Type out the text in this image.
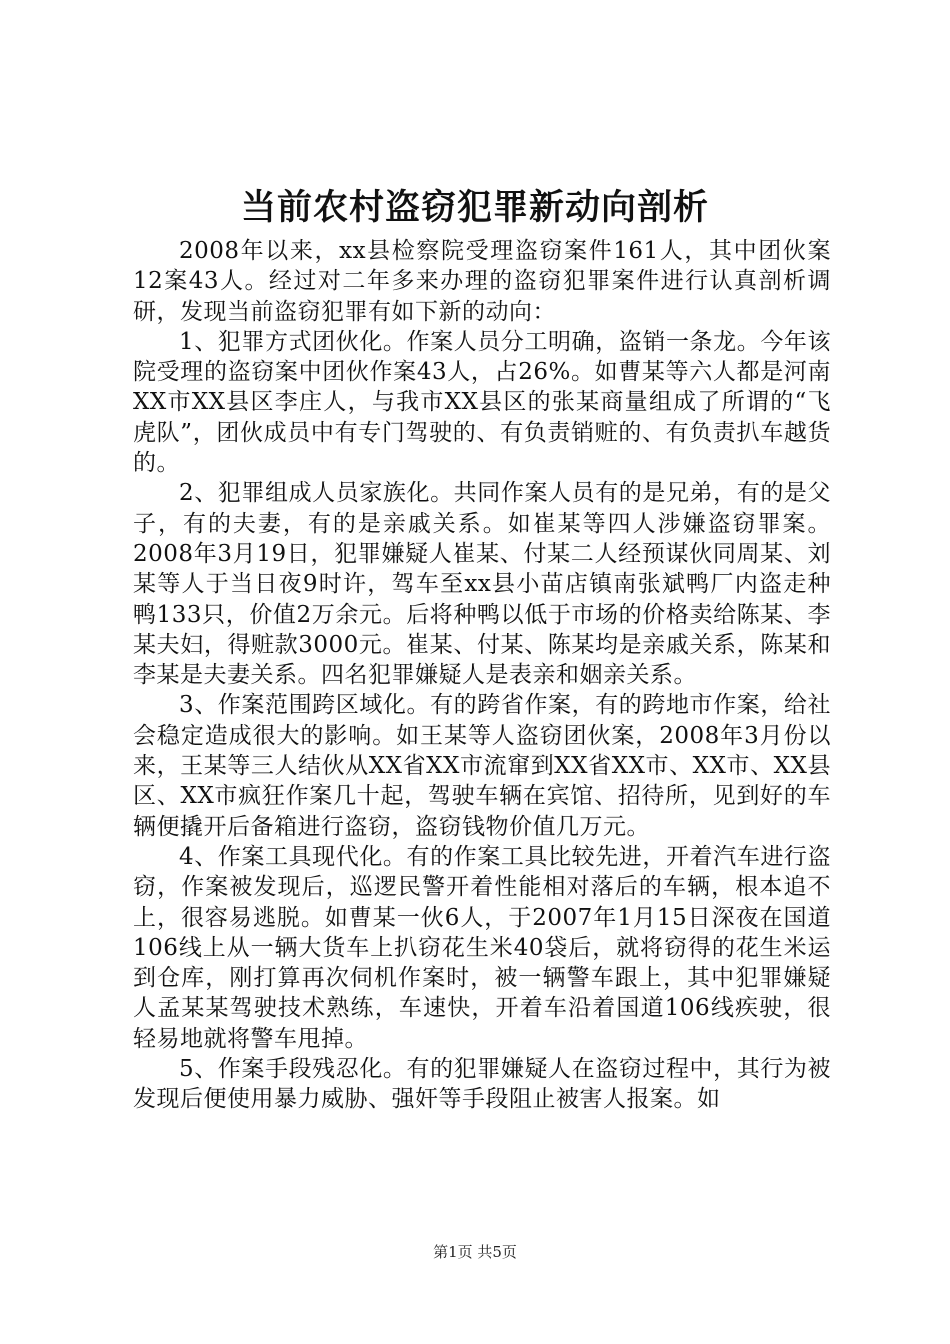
当前农村盗窃犯罪新动向剖析

2008年以来，xx县检察院受理盗窃案件161人，其中团伙案12案43人。经过对二年多来办理的盗窃犯罪案件进行认真剖析调研，发现当前盗窃犯罪有如下新的动向：

1、犯罪方式团伙化。作案人员分工明确，盗销一条龙。今年该院受理的盗窃案中团伙作案43人，占26%。如曹某等六人都是河南XX市XX县区李庄人，与我市XX县区的张某商量组成了所谓的“飞虎队”，团伙成员中有专门驾驶的、有负责销赃的、有负责扒车越货的。

2、犯罪组成人员家族化。共同作案人员有的是兄弟，有的是父子，有的夫妻，有的是亲戚关系。如崔某等四人涉嫌盗窃罪案。2008年3月19日，犯罪嫌疑人崔某、付某二人经预谋伙同周某、刘某等人于当日夜9时许，驾车至xx县小苗店镇南张斌鸭厂内盗走种鸭133只，价值2万余元。后将种鸭以低于市场的价格卖给陈某、李某夫妇，得赃款3000元。崔某、付某、陈某均是亲戚关系，陈某和李某是夫妻关系。四名犯罪嫌疑人是表亲和姻亲关系。

3、作案范围跨区域化。有的跨省作案，有的跨地市作案，给社会稳定造成很大的影响。如王某等人盗窃团伙案，2008年3月份以来，王某等三人结伙从XX省XX市流窜到XX省XX市、XX市、XX县区、XX市疯狂作案几十起，驾驶车辆在宾馆、招待所，见到好的车辆便撬开后备箱进行盗窃，盗窃钱物价值几万元。

4、作案工具现代化。有的作案工具比较先进，开着汽车进行盗窃，作案被发现后，巡逻民警开着性能相对落后的车辆，根本追不上，很容易逃脱。如曹某一伙6人，于2007年1月15日深夜在国道106线上从一辆大货车上扒窃花生米40袋后，就将窃得的花生米运到仓库，刚打算再次伺机作案时，被一辆警车跟上，其中犯罪嫌疑人孟某某驾驶技术熟练，车速快，开着车沿着国道106线疾驶，很轻易地就将警车甩掉。

5、作案手段残忍化。有的犯罪嫌疑人在盗窃过程中，其行为被发现后便使用暴力威胁、强奸等手段阻止被害人报案。如

第1页 共5页
